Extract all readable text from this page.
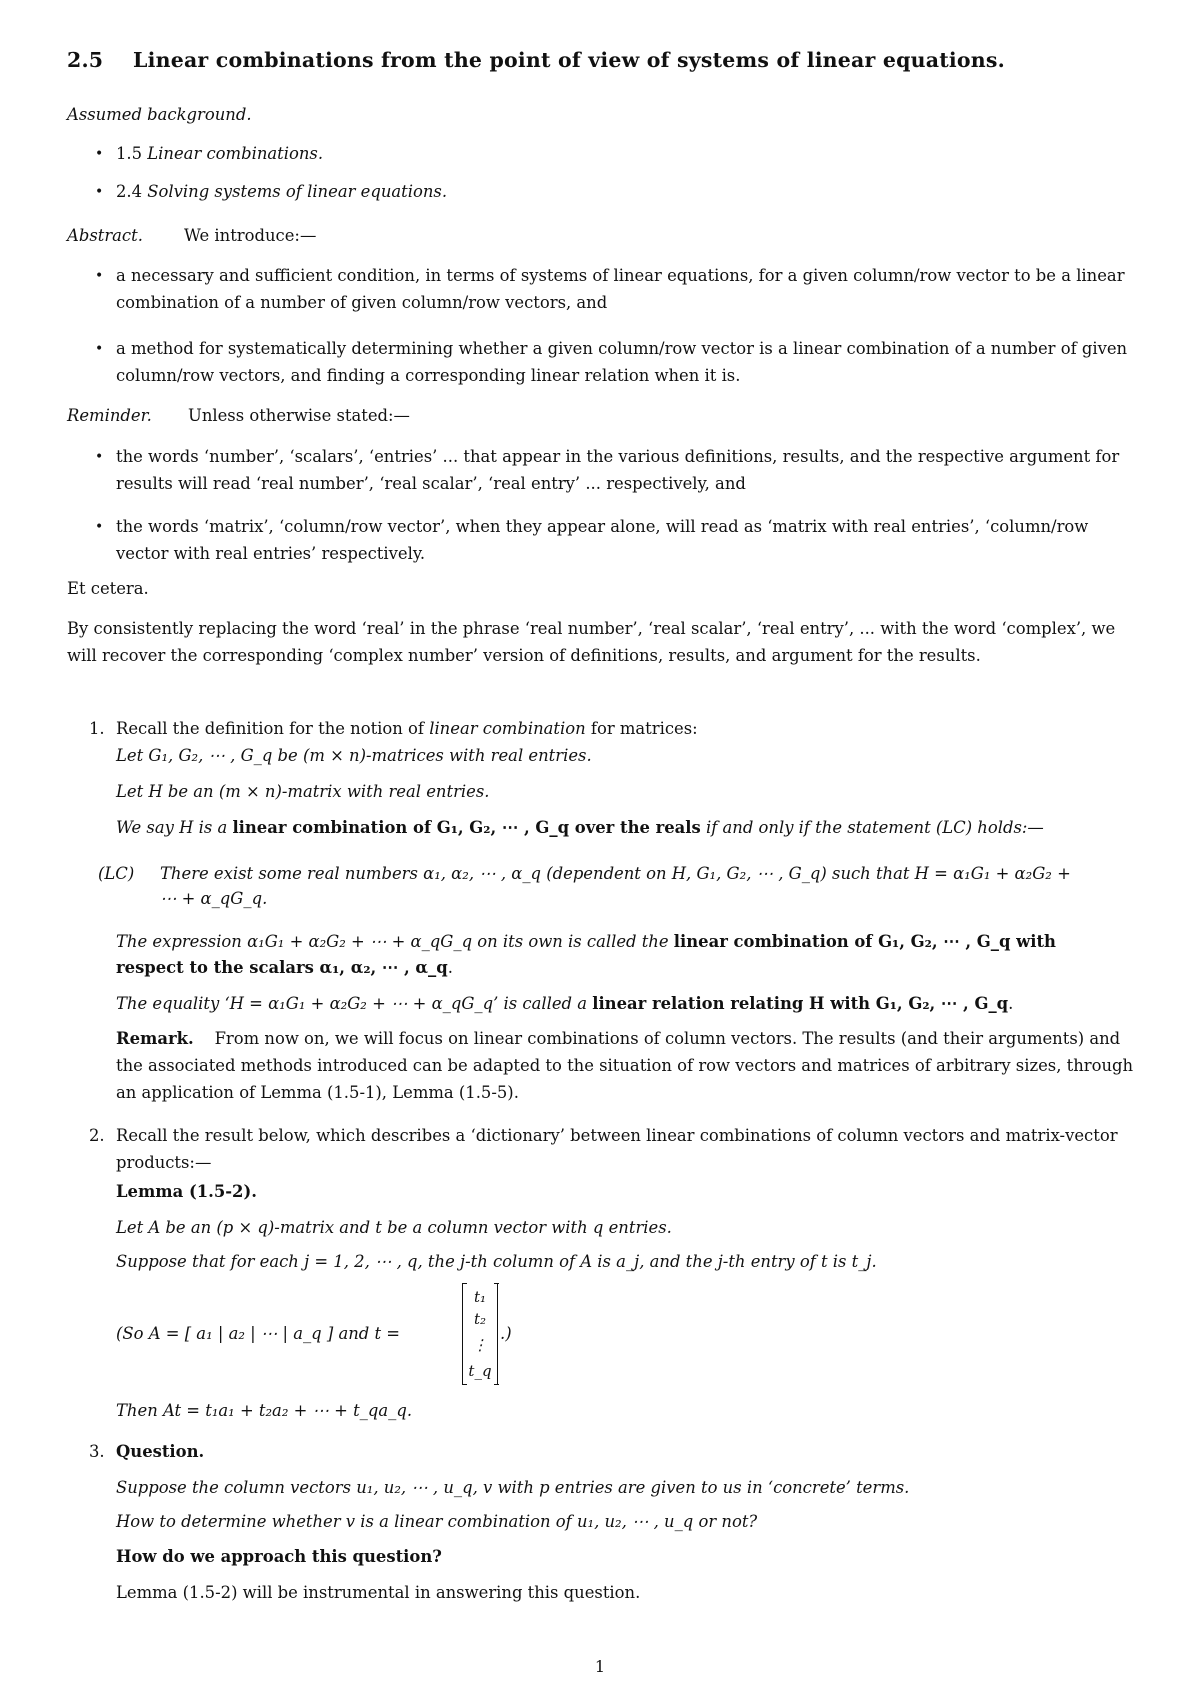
2.5 Linear combinations from the point of view of systems of linear equations.
Assumed background.
• 1.5 Linear combinations.
• 2.4 Solving systems of linear equations.
Abstract.	We introduce:—
• a necessary and sufficient condition, in terms of systems of linear equations, for a given column/row vector to be a linear combination of a number of given column/row vectors, and
• a method for systematically determining whether a given column/row vector is a linear combination of a number of given column/row vectors, and finding a corresponding linear relation when it is.
Reminder. Unless otherwise stated:—
• the words ‘number’, ‘scalars’, ‘entries’ ... that appear in the various definitions, results, and the respective argument for results will read ‘real number’, ‘real scalar’, ‘real entry’ ... respectively, and
• the words ‘matrix’, ‘column/row vector’, when they appear alone, will read as ‘matrix with real entries’, ‘column/row vector with real entries’ respectively.
Et cetera.
By consistently replacing the word ‘real’ in the phrase ‘real number’, ‘real scalar’, ‘real entry’, ... with the word ‘complex’, we will recover the corresponding ‘complex number’ version of definitions, results, and argument for the results.
1. Recall the definition for the notion of linear combination for matrices:
Let G₁, G₂, ⋯ , G_q be (m × n)-matrices with real entries.
Let H be an (m × n)-matrix with real entries.
We say H is a linear combination of G₁, G₂, ⋯ , G_q over the reals if and only if the statement (LC) holds:—
(LC) There exist some real numbers α₁, α₂, ⋯ , α_q (dependent on H, G₁, G₂, ⋯ , G_q) such that H = α₁G₁ + α₂G₂ +
⋯ + α_qG_q.
The expression α₁G₁ + α₂G₂ + ⋯ + α_qG_q on its own is called the linear combination of G₁, G₂, ⋯ , G_q with
respect to the scalars α₁, α₂, ⋯ , α_q.
The equality ‘H = α₁G₁ + α₂G₂ + ⋯ + α_qG_q’ is called a linear relation relating H with G₁, G₂, ⋯ , G_q.
Remark. From now on, we will focus on linear combinations of column vectors. The results (and their arguments) and the associated methods introduced can be adapted to the situation of row vectors and matrices of arbitrary sizes, through an application of Lemma (1.5-1), Lemma (1.5-5).
2. Recall the result below, which describes a ‘dictionary’ between linear combinations of column vectors and matrix-vector products:—
Lemma (1.5-2).
Let A be an (p × q)-matrix and t be a column vector with q entries.
Suppose that for each j = 1, 2, ⋯ , q, the j-th column of A is a_j, and the j-th entry of t is t_j.
(So A = [ a₁ | a₂ | ⋯ | a_q ] and t =
t₁
t₂
⋮
t_q
.)
Then At = t₁a₁ + t₂a₂ + ⋯ + t_qa_q.
3. Question.
Suppose the column vectors u₁, u₂, ⋯ , u_q, v with p entries are given to us in ‘concrete’ terms.
How to determine whether v is a linear combination of u₁, u₂, ⋯ , u_q or not?
How do we approach this question?
Lemma (1.5-2) will be instrumental in answering this question.
1
